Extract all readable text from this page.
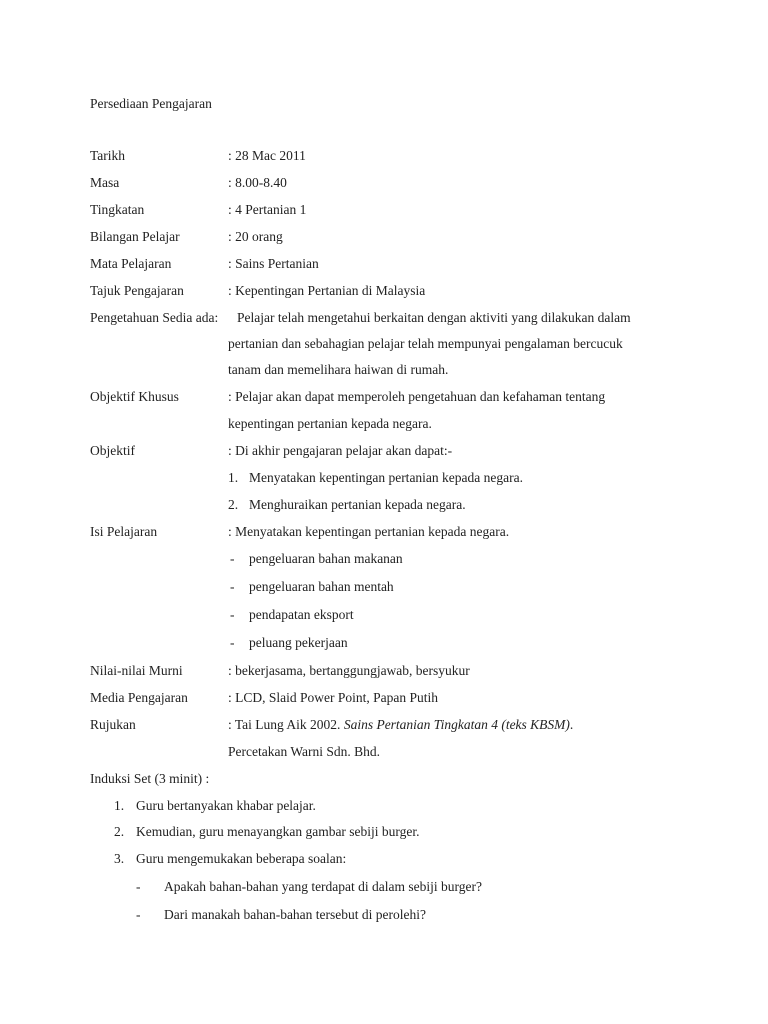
Persediaan Pengajaran
Tarikh	: 28 Mac 2011
Masa	: 8.00-8.40
Tingkatan	: 4 Pertanian 1
Bilangan Pelajar	: 20 orang
Mata Pelajaran	: Sains Pertanian
Tajuk Pengajaran	: Kepentingan Pertanian di Malaysia
Pengetahuan Sedia ada: Pelajar telah mengetahui berkaitan dengan aktiviti yang dilakukan dalam
pertanian dan sebahagian pelajar telah mempunyai pengalaman bercucuk
tanam dan memelihara haiwan di rumah.
Objektif Khusus	: Pelajar akan dapat memperoleh pengetahuan dan kefahaman tentang
kepentingan pertanian kepada negara.
Objektif	: Di akhir pengajaran pelajar akan dapat:-
1. Menyatakan kepentingan pertanian kepada negara.
2. Menghuraikan pertanian kepada negara.
Isi Pelajaran	: Menyatakan kepentingan pertanian kepada negara.
- pengeluaran bahan makanan
- pengeluaran bahan mentah
- pendapatan eksport
- peluang pekerjaan
Nilai-nilai Murni	: bekerjasama, bertanggungjawab, bersyukur
Media Pengajaran	: LCD, Slaid Power Point, Papan Putih
Rujukan	: Tai Lung Aik 2002. Sains Pertanian Tingkatan 4 (teks KBSM).
Percetakan Warni Sdn. Bhd.
Induksi Set (3 minit) :
1. Guru bertanyakan khabar pelajar.
2. Kemudian, guru menayangkan gambar sebiji burger.
3. Guru mengemukakan beberapa soalan:
- Apakah bahan-bahan yang terdapat di dalam sebiji burger?
- Dari manakah bahan-bahan tersebut di perolehi?
